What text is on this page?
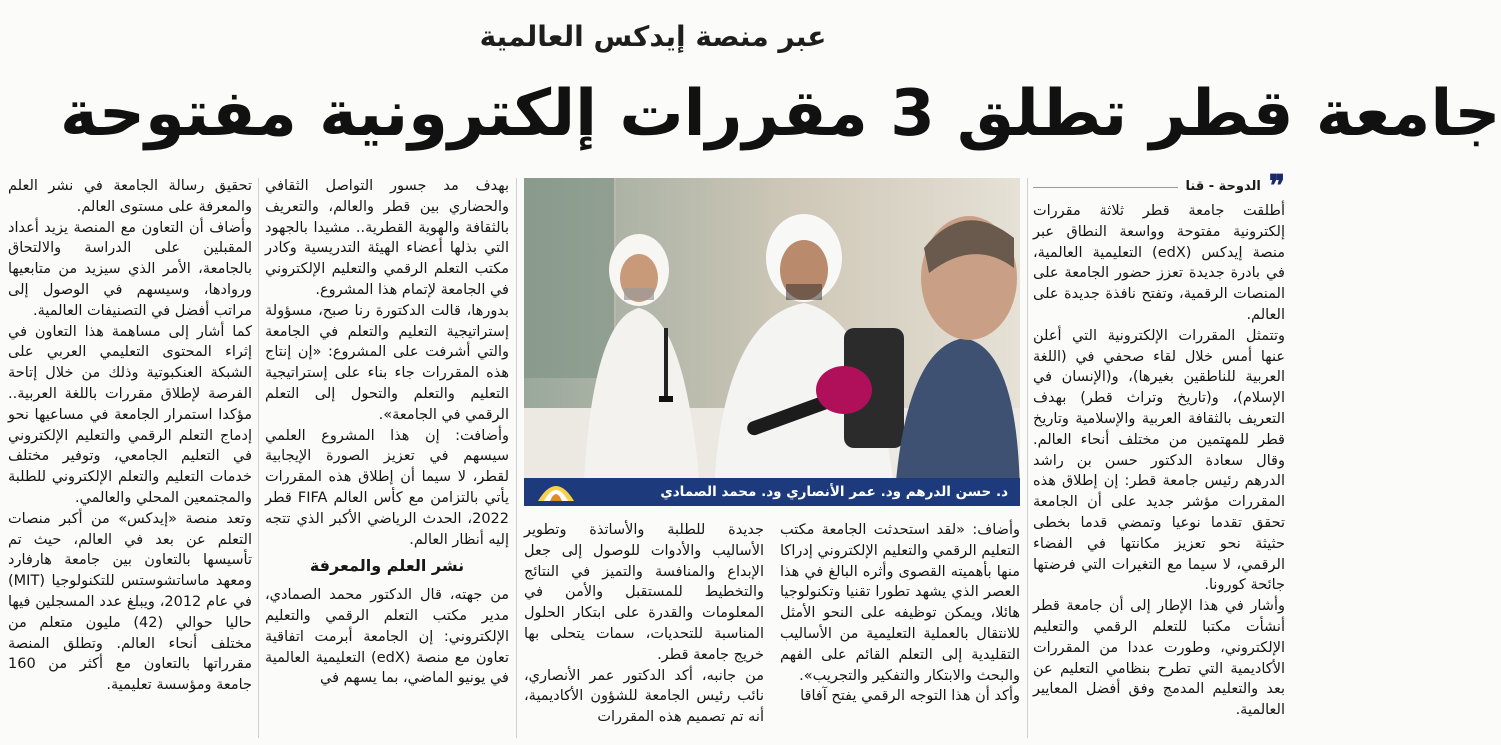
عبر منصة إيدكس العالمية
جامعة قطر تطلق 3 مقررات إلكترونية مفتوحة
❞
الدوحة - قنا

أطلقت جامعة قطر ثلاثة مقررات إلكترونية مفتوحة وواسعة النطاق عبر منصة إيدكس (edX) التعليمية العالمية، في بادرة جديدة تعزز حضور الجامعة على المنصات الرقمية، وتفتح نافذة جديدة على العالم.

وتتمثل المقررات الإلكترونية التي أعلن عنها أمس خلال لقاء صحفي في (اللغة العربية للناطقين بغيرها)، و(الإنسان في الإسلام)، و(تاريخ وتراث قطر) بهدف التعريف بالثقافة العربية والإسلامية وتاريخ قطر للمهتمين من مختلف أنحاء العالم. وقال سعادة الدكتور حسن بن راشد الدرهم رئيس جامعة قطر: إن إطلاق هذه المقررات مؤشر جديد على أن الجامعة تحقق تقدما نوعيا وتمضي قدما بخطى حثيثة نحو تعزيز مكانتها في الفضاء الرقمي، لا سيما مع التغيرات التي فرضتها جائحة كورونا.

وأشار في هذا الإطار إلى أن جامعة قطر أنشأت مكتبا للتعلم الرقمي والتعليم الإلكتروني، وطورت عددا من المقررات الأكاديمية التي تطرح بنظامي التعليم عن بعد والتعليم المدمج وفق أفضل المعايير العالمية.

د. حسن الدرهم ود. عمر الأنصاري ود. محمد الصمادي

وأضاف: «لقد استحدثت الجامعة مكتب التعليم الرقمي والتعليم الإلكتروني إدراكا منها بأهميته القصوى وأثره البالغ في هذا العصر الذي يشهد تطورا تقنيا وتكنولوجيا هائلا، ويمكن توظيفه على النحو الأمثل للانتقال بالعملية التعليمية من الأساليب التقليدية إلى التعلم القائم على الفهم والبحث والابتكار والتفكير والتجريب».

وأكد أن هذا التوجه الرقمي يفتح آفاقا

جديدة للطلبة والأساتذة وتطوير الأساليب والأدوات للوصول إلى جعل الإبداع والمنافسة والتميز في النتائج والتخطيط للمستقبل والأمن في المعلومات والقدرة على ابتكار الحلول المناسبة للتحديات، سمات يتحلى بها خريج جامعة قطر.

من جانبه، أكد الدكتور عمر الأنصاري، نائب رئيس الجامعة للشؤون الأكاديمية، أنه تم تصميم هذه المقررات

بهدف مد جسور التواصل الثقافي والحضاري بين قطر والعالم، والتعريف بالثقافة والهوية القطرية.. مشيدا بالجهود التي بذلها أعضاء الهيئة التدريسية وكادر مكتب التعلم الرقمي والتعليم الإلكتروني في الجامعة لإتمام هذا المشروع.

بدورها، قالت الدكتورة رنا صبح، مسؤولة إستراتيجية التعليم والتعلم في الجامعة والتي أشرفت على المشروع: «إن إنتاج هذه المقررات جاء بناء على إستراتيجية التعليم والتعلم والتحول إلى التعلم الرقمي في الجامعة».

وأضافت: إن هذا المشروع العلمي سيسهم في تعزيز الصورة الإيجابية لقطر، لا سيما أن إطلاق هذه المقررات يأتي بالتزامن مع كأس العالم FIFA قطر 2022، الحدث الرياضي الأكبر الذي تتجه إليه أنظار العالم.

نشر العلم والمعرفة

من جهته، قال الدكتور محمد الصمادي، مدير مكتب التعلم الرقمي والتعليم الإلكتروني: إن الجامعة أبرمت اتفاقية تعاون مع منصة (edX) التعليمية العالمية في يونيو الماضي، بما يسهم في

تحقيق رسالة الجامعة في نشر العلم والمعرفة على مستوى العالم.

وأضاف أن التعاون مع المنصة يزيد أعداد المقبلين على الدراسة والالتحاق بالجامعة، الأمر الذي سيزيد من متابعيها وروادها، وسيسهم في الوصول إلى مراتب أفضل في التصنيفات العالمية.

كما أشار إلى مساهمة هذا التعاون في إثراء المحتوى التعليمي العربي على الشبكة العنكبوتية وذلك من خلال إتاحة الفرصة لإطلاق مقررات باللغة العربية.. مؤكدا استمرار الجامعة في مساعيها نحو إدماج التعلم الرقمي والتعليم الإلكتروني في التعليم الجامعي، وتوفير مختلف خدمات التعليم والتعلم الإلكتروني للطلبة والمجتمعين المحلي والعالمي.

وتعد منصة «إيدكس» من أكبر منصات التعلم عن بعد في العالم، حيث تم تأسيسها بالتعاون بين جامعة هارفارد ومعهد ماساتشوستس للتكنولوجيا (MIT) في عام 2012، ويبلغ عدد المسجلين فيها حاليا حوالي (42) مليون متعلم من مختلف أنحاء العالم. وتطلق المنصة مقرراتها بالتعاون مع أكثر من 160 جامعة ومؤسسة تعليمية.
